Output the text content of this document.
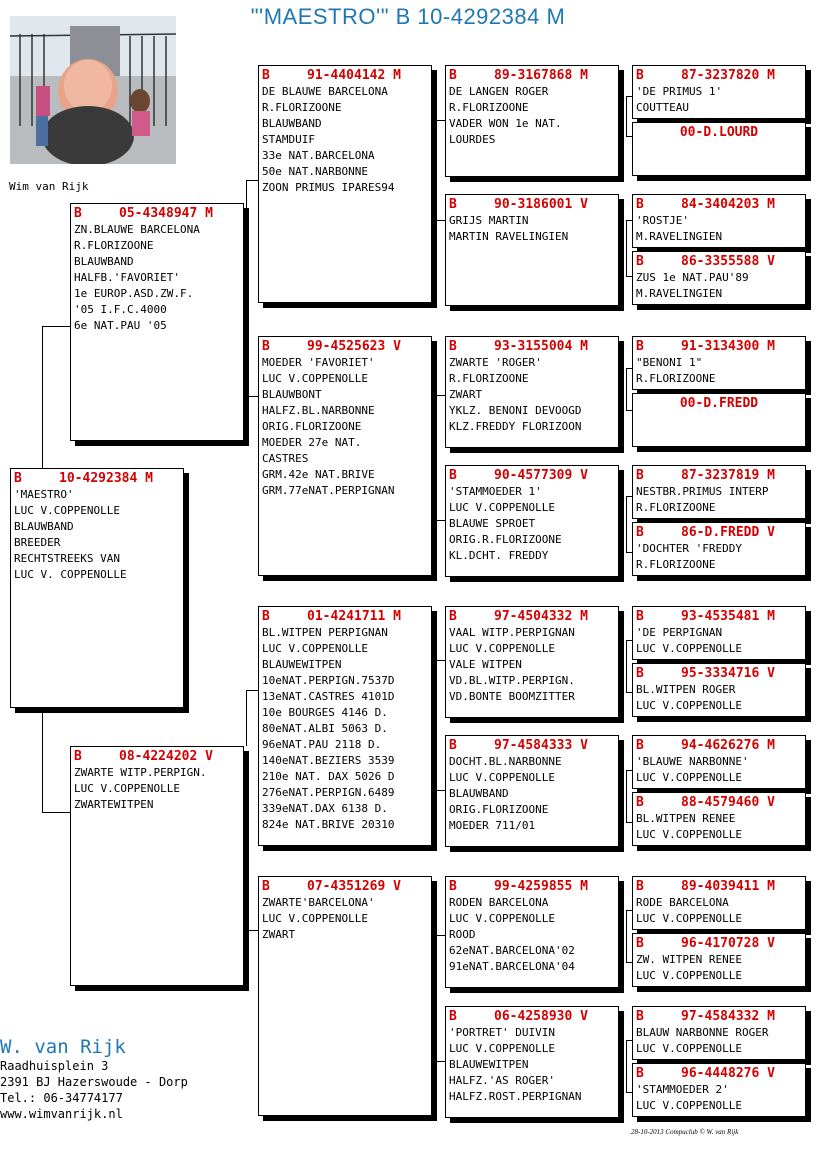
"'MAESTRO'" B 10-4292384 M
Wim van Rijk
B	10-4292384 M
'MAESTRO'
LUC V.COPPENOLLE
BLAUWBAND
BREEDER
RECHTSTREEKS VAN
LUC V. COPPENOLLE
B	05-4348947 M
ZN.BLAUWE BARCELONA
R.FLORIZOONE
BLAUWBAND
HALFB.'FAVORIET'
1e EUROP.ASD.ZW.F.
'05 I.F.C.4000
6e NAT.PAU '05
B	08-4224202 V
ZWARTE WITP.PERPIGN.
LUC V.COPPENOLLE
ZWARTEWITPEN
B	91-4404142 M
DE BLAUWE BARCELONA
R.FLORIZOONE
BLAUWBAND
STAMDUIF
33e NAT.BARCELONA
50e NAT.NARBONNE
ZOON PRIMUS IPARES94
B	99-4525623 V
MOEDER 'FAVORIET'
LUC V.COPPENOLLE
BLAUWBONT
HALFZ.BL.NARBONNE
ORIG.FLORIZOONE
MOEDER 27e NAT.
CASTRES
GRM.42e NAT.BRIVE
GRM.77eNAT.PERPIGNAN
B	01-4241711 M
BL.WITPEN PERPIGNAN
LUC V.COPPENOLLE
BLAUWEWITPEN
10eNAT.PERPIGN.7537D
13eNAT.CASTRES 4101D
10e BOURGES 4146 D.
80eNAT.ALBI 5063 D.
96eNAT.PAU 2118 D.
140eNAT.BEZIERS 3539
210e NAT. DAX 5026 D
276eNAT.PERPIGN.6489
339eNAT.DAX 6138 D.
824e NAT.BRIVE 20310
B	07-4351269 V
ZWARTE'BARCELONA'
LUC V.COPPENOLLE
ZWART
B	89-3167868 M
DE LANGEN ROGER
R.FLORIZOONE
VADER WON 1e NAT.
LOURDES
B	90-3186001 V
GRIJS MARTIN
MARTIN RAVELINGIEN
B	93-3155004 M
ZWARTE 'ROGER'
R.FLORIZOONE
ZWART
YKLZ. BENONI DEVOOGD
KLZ.FREDDY FLORIZOON
B	90-4577309 V
'STAMMOEDER 1'
LUC V.COPPENOLLE
BLAUWE SPROET
ORIG.R.FLORIZOONE
KL.DCHT. FREDDY
B	97-4504332 M
VAAL WITP.PERPIGNAN
LUC V.COPPENOLLE
VALE WITPEN
VD.BL.WITP.PERPIGN.
VD.BONTE BOOMZITTER
B	97-4584333 V
DOCHT.BL.NARBONNE
LUC V.COPPENOLLE
BLAUWBAND
ORIG.FLORIZOONE
MOEDER 711/01
B	99-4259855 M
RODEN BARCELONA
LUC V.COPPENOLLE
ROOD
62eNAT.BARCELONA'02
91eNAT.BARCELONA'04
B	06-4258930 V
'PORTRET' DUIVIN
LUC V.COPPENOLLE
BLAUWEWITPEN
HALFZ.'AS ROGER'
HALFZ.ROST.PERPIGNAN
B	87-3237820 M
'DE PRIMUS 1'
COUTTEAU
00-D.LOURD
B	84-3404203 M
'ROSTJE'
M.RAVELINGIEN
B	86-3355588 V
ZUS 1e NAT.PAU'89
M.RAVELINGIEN
B	91-3134300 M
"BENONI 1"
R.FLORIZOONE
00-D.FREDD
B	87-3237819 M
NESTBR.PRIMUS INTERP
R.FLORIZOONE
B	86-D.FREDD V
'DOCHTER 'FREDDY
R.FLORIZOONE
B	93-4535481 M
'DE PERPIGNAN
LUC V.COPPENOLLE
B	95-3334716 V
BL.WITPEN ROGER
LUC V.COPPENOLLE
B	94-4626276 M
'BLAUWE NARBONNE'
LUC V.COPPENOLLE
B	88-4579460 V
BL.WITPEN RENEE
LUC V.COPPENOLLE
B	89-4039411 M
RODE BARCELONA
LUC V.COPPENOLLE
B	96-4170728 V
ZW. WITPEN RENEE
LUC V.COPPENOLLE
B	97-4584332 M
BLAUW NARBONNE ROGER
LUC V.COPPENOLLE
B	96-4448276 V
'STAMMOEDER 2'
LUC V.COPPENOLLE
W. van Rijk
Raadhuisplein 3
2391 BJ Hazerswoude - Dorp
Tel.: 06-34774177
www.wimvanrijk.nl
28-10-2013 Compuclub © W. van Rijk
